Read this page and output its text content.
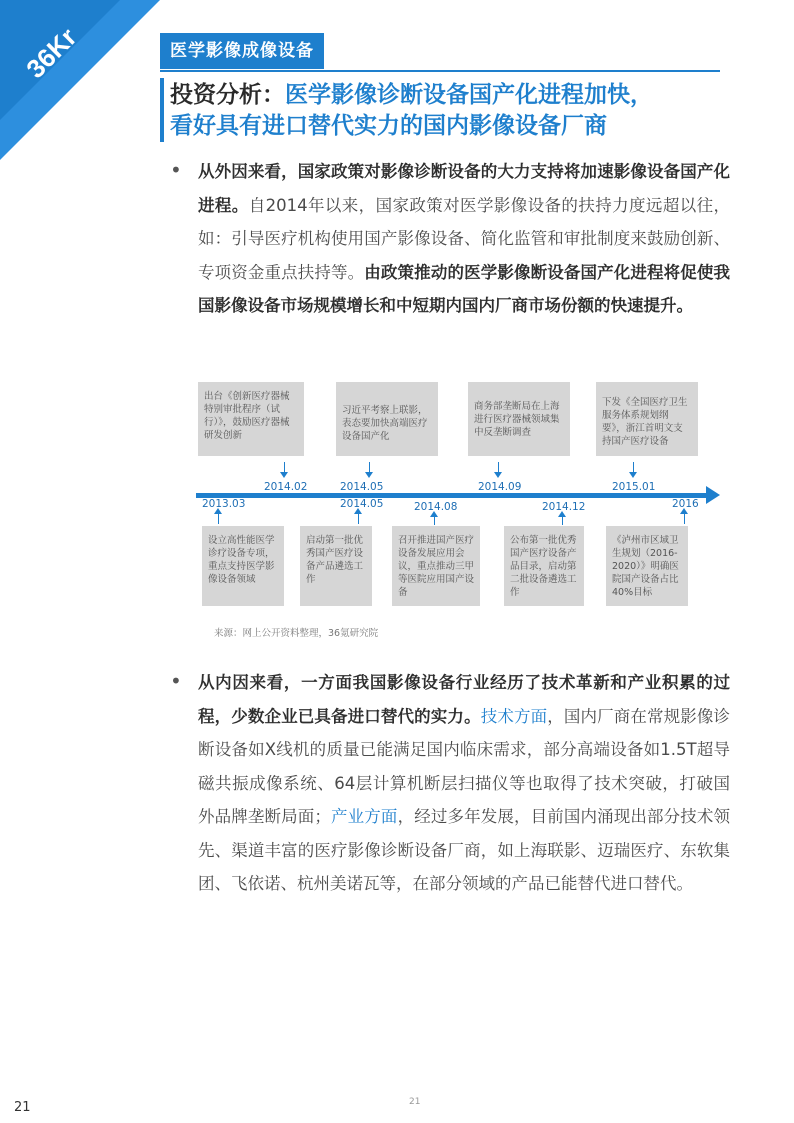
36Kr	医学影像成像设备
投资分析：医学影像诊断设备国产化进程加快，
看好具有进口替代实力的国内影像设备厂商
• 从外因来看，国家政策对影像诊断设备的大力支持将加速影像设备国产化进程。自2014年以来，国家政策对医学影像设备的扶持力度远超以往，如：引导医疗机构使用国产影像设备、简化监管和审批制度来鼓励创新、专项资金重点扶持等。由政策推动的医学影像断设备国产化进程将促使我国影像设备市场规模增长和中短期内国内厂商市场份额的快速提升。
出台《创新医疗器械特别审批程序（试行）》，鼓励医疗器械研发创新
习近平考察上联影，表态要加快高端医疗设备国产化
商务部垄断局在上海进行医疗器械领域集中反垄断调查
下发《全国医疗卫生服务体系规划纲要》，浙江首明文支持国产医疗设备
2014.02	2014.05	2014.09	2015.01
2013.03	2014.05	2014.08	2014.12	2016
设立高性能医学诊疗设备专项，重点支持医学影像设备领域
启动第一批优秀国产医疗设备产品遴选工作
召开推进国产医疗设备发展应用会议，重点推动三甲等医院应用国产设备
公布第一批优秀国产医疗设备产品目录，启动第二批设备遴选工作
《泸州市区域卫生规划（2016-2020）》明确医院国产设备占比40%目标
来源：网上公开资料整理，36氪研究院
• 从内因来看，一方面我国影像设备行业经历了技术革新和产业积累的过程，少数企业已具备进口替代的实力。技术方面，国内厂商在常规影像诊断设备如X线机的质量已能满足国内临床需求，部分高端设备如1.5T超导磁共振成像系统、64层计算机断层扫描仪等也取得了技术突破，打破国外品牌垄断局面；产业方面，经过多年发展，目前国内涌现出部分技术领先、渠道丰富的医疗影像诊断设备厂商，如上海联影、迈瑞医疗、东软集团、飞依诺、杭州美诺瓦等，在部分领域的产品已能替代进口替代。
21	21
